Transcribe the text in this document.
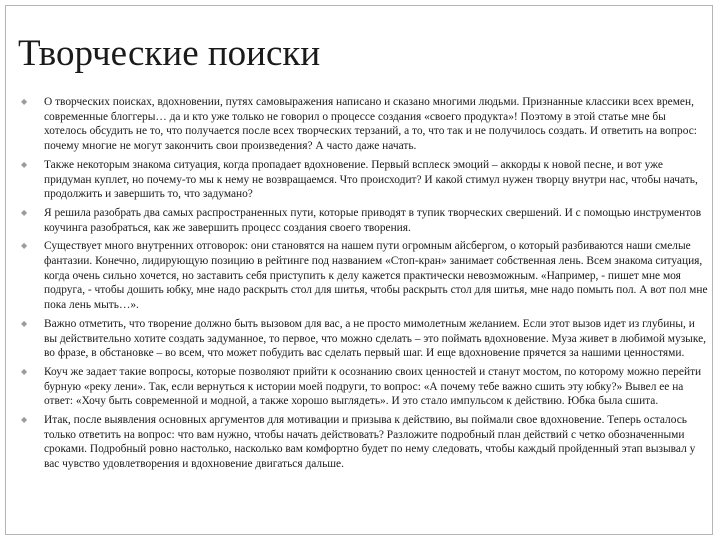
Творческие поиски
◆ О творческих поисках, вдохновении, путях самовыражения написано и сказано многими людьми. Признанные классики всех времен, современные блоггеры… да и кто уже только не говорил о процессе создания «своего продукта»! Поэтому в этой статье мне бы хотелось обсудить не то, что получается после всех творческих терзаний, а то, что так и не получилось создать. И ответить на вопрос: почему многие не могут закончить свои произведения? А часто даже начать.
◆ Также некоторым знакома ситуация, когда пропадает вдохновение. Первый всплеск эмоций – аккорды к новой песне, и вот уже придуман куплет, но почему-то мы к нему не возвращаемся. Что происходит? И какой стимул нужен творцу внутри нас, чтобы начать, продолжить и завершить то, что задумано?
◆ Я решила разобрать два самых распространенных пути, которые приводят в тупик творческих свершений. И с помощью инструментов коучинга разобраться, как же завершить процесс создания своего творения.
◆ Существует много внутренних отговорок: они становятся на нашем пути огромным айсбергом, о который разбиваются наши смелые фантазии. Конечно, лидирующую позицию в рейтинге под названием «Стоп-кран» занимает собственная лень. Всем знакома ситуация, когда очень сильно хочется, но заставить себя приступить к делу кажется практически невозможным. «Например, - пишет мне моя подруга, - чтобы дошить юбку, мне надо раскрыть стол для шитья, чтобы раскрыть стол для шитья, мне надо помыть пол. А вот пол мне пока лень мыть…».
◆ Важно отметить, что творение должно быть вызовом для вас, а не просто мимолетным желанием. Если этот вызов идет из глубины, и вы действительно хотите создать задуманное, то первое, что можно сделать – это поймать вдохновение. Муза живет в любимой музыке, во фразе, в обстановке – во всем, что может побудить вас сделать первый шаг. И еще вдохновение прячется за нашими ценностями.
◆ Коуч же задает такие вопросы, которые позволяют прийти к осознанию своих ценностей и станут мостом, по которому можно перейти бурную «реку лени». Так, если вернуться к истории моей подруги, то вопрос: «А почему тебе важно сшить эту юбку?» Вывел ее на ответ: «Хочу быть современной и модной, а также хорошо выглядеть». И это стало импульсом к действию. Юбка была сшита.
◆ Итак, после выявления основных аргументов для мотивации и призыва к действию, вы поймали свое вдохновение. Теперь осталось только ответить на вопрос: что вам нужно, чтобы начать действовать? Разложите подробный план действий с четко обозначенными сроками. Подробный ровно настолько, насколько вам комфортно будет по нему следовать, чтобы каждый пройденный этап вызывал у вас чувство удовлетворения и вдохновение двигаться дальше.
